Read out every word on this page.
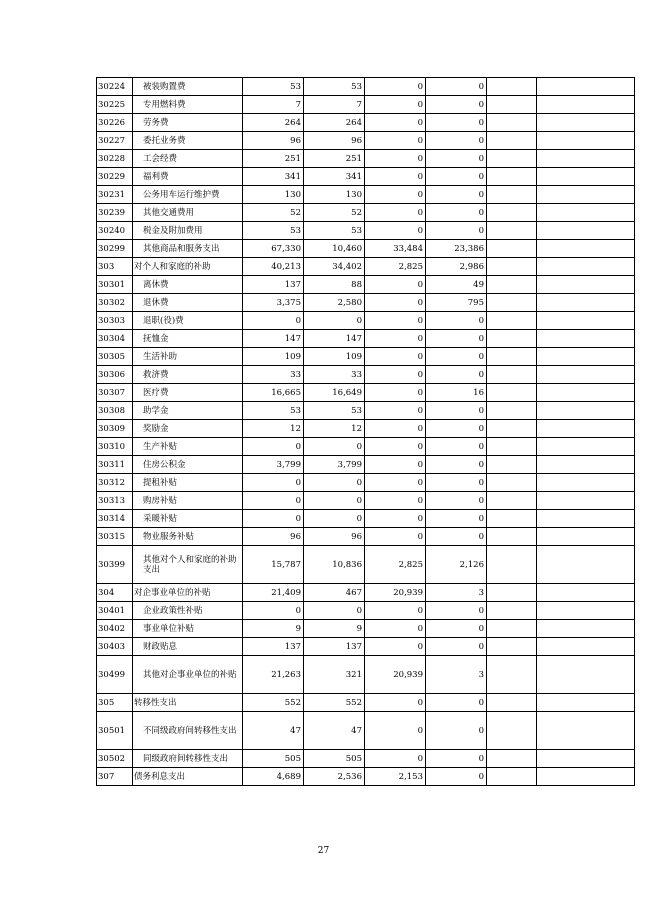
30224	被装购置费	53	53	0	0		
30225	专用燃料费	7	7	0	0		
30226	劳务费	264	264	0	0		
30227	委托业务费	96	96	0	0		
30228	工会经费	251	251	0	0		
30229	福利费	341	341	0	0		
30231	公务用车运行维护费	130	130	0	0		
30239	其他交通费用	52	52	0	0		
30240	税金及附加费用	53	53	0	0		
30299	其他商品和服务支出	67,330	10,460	33,484	23,386		
303	对个人和家庭的补助	40,213	34,402	2,825	2,986		
30301	离休费	137	88	0	49		
30302	退休费	3,375	2,580	0	795		
30303	退职(役)费	0	0	0	0		
30304	抚恤金	147	147	0	0		
30305	生活补助	109	109	0	0		
30306	救济费	33	33	0	0		
30307	医疗费	16,665	16,649	0	16		
30308	助学金	53	53	0	0		
30309	奖励金	12	12	0	0		
30310	生产补贴	0	0	0	0		
30311	住房公积金	3,799	3,799	0	0		
30312	提租补贴	0	0	0	0		
30313	购房补贴	0	0	0	0		
30314	采暖补贴	0	0	0	0		
30315	物业服务补贴	96	96	0	0		
30399	其他对个人和家庭的补助支出	15,787	10,836	2,825	2,126		
304	对企事业单位的补贴	21,409	467	20,939	3		
30401	企业政策性补贴	0	0	0	0		
30402	事业单位补贴	9	9	0	0		
30403	财政贴息	137	137	0	0		
30499	其他对企事业单位的补贴	21,263	321	20,939	3		
305	转移性支出	552	552	0	0		
30501	不同级政府间转移性支出	47	47	0	0		
30502	同级政府间转移性支出	505	505	0	0		
307	债务利息支出	4,689	2,536	2,153	0		
27
